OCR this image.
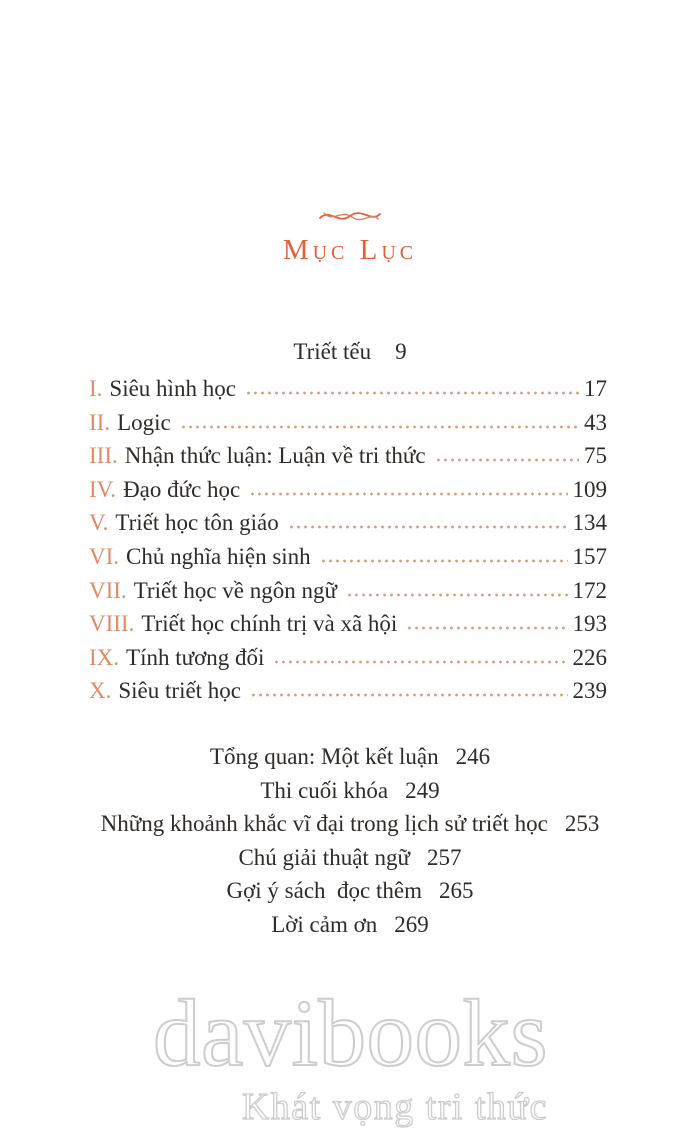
Mục Lục
Triết tếu 9
I. Siêu hình học	17
II. Logic	43
III. Nhận thức luận: Luận về tri thức	75
IV. Đạo đức học	109
V. Triết học tôn giáo	134
VI. Chủ nghĩa hiện sinh	157
VII. Triết học về ngôn ngữ	172
VIII. Triết học chính trị và xã hội	193
IX. Tính tương đối	226
X. Siêu triết học	239
Tổng quan: Một kết luận 246
Thi cuối khóa 249
Những khoảnh khắc vĩ đại trong lịch sử triết học 253
Chú giải thuật ngữ 257
Gợi ý sách  đọc thêm 265
Lời cảm ơn 269
davibooks
Khát vọng tri thức
